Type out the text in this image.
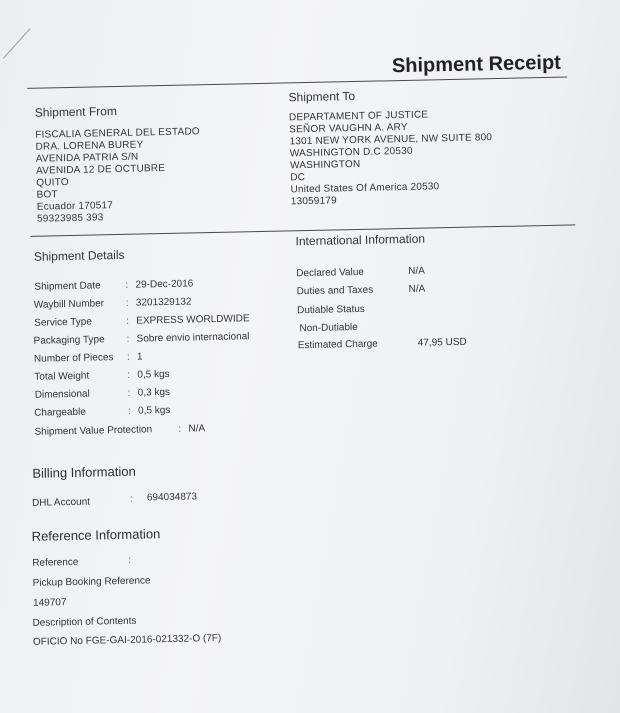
Shipment Receipt
Shipment From
FISCALIA GENERAL DEL ESTADO
DRA. LORENA BUREY
AVENIDA PATRIA S/N
AVENIDA 12 DE OCTUBRE
QUITO
BOT
Ecuador 170517
59323985 393
Shipment To
DEPARTAMENT OF JUSTICE
SEÑOR VAUGHN A. ARY
1301 NEW YORK AVENUE, NW SUITE 800
WASHINGTON D.C 20530
WASHINGTON
DC
United States Of America 20530
13059179
Shipment Details
Shipment Date : 29-Dec-2016
Waybill Number : 3201329132
Service Type	: EXPRESS WORLDWIDE
Packaging Type : Sobre envio internacional
Number of Pieces : 1
Total Weight	: 0,5 kgs
Dimensional	: 0,3 kgs
Chargeable	: 0,5 kgs
Shipment Value Protection	: N/A
International Information
Declared Value	N/A
Duties and Taxes	N/A
Dutiable Status
Non-Dutiable
Estimated Charge	47,95 USD
Billing Information
DHL Account	: 694034873
Reference Information
Reference	:
Pickup Booking Reference
149707
Description of Contents
OFICIO No FGE-GAI-2016-021332-O (7F)
